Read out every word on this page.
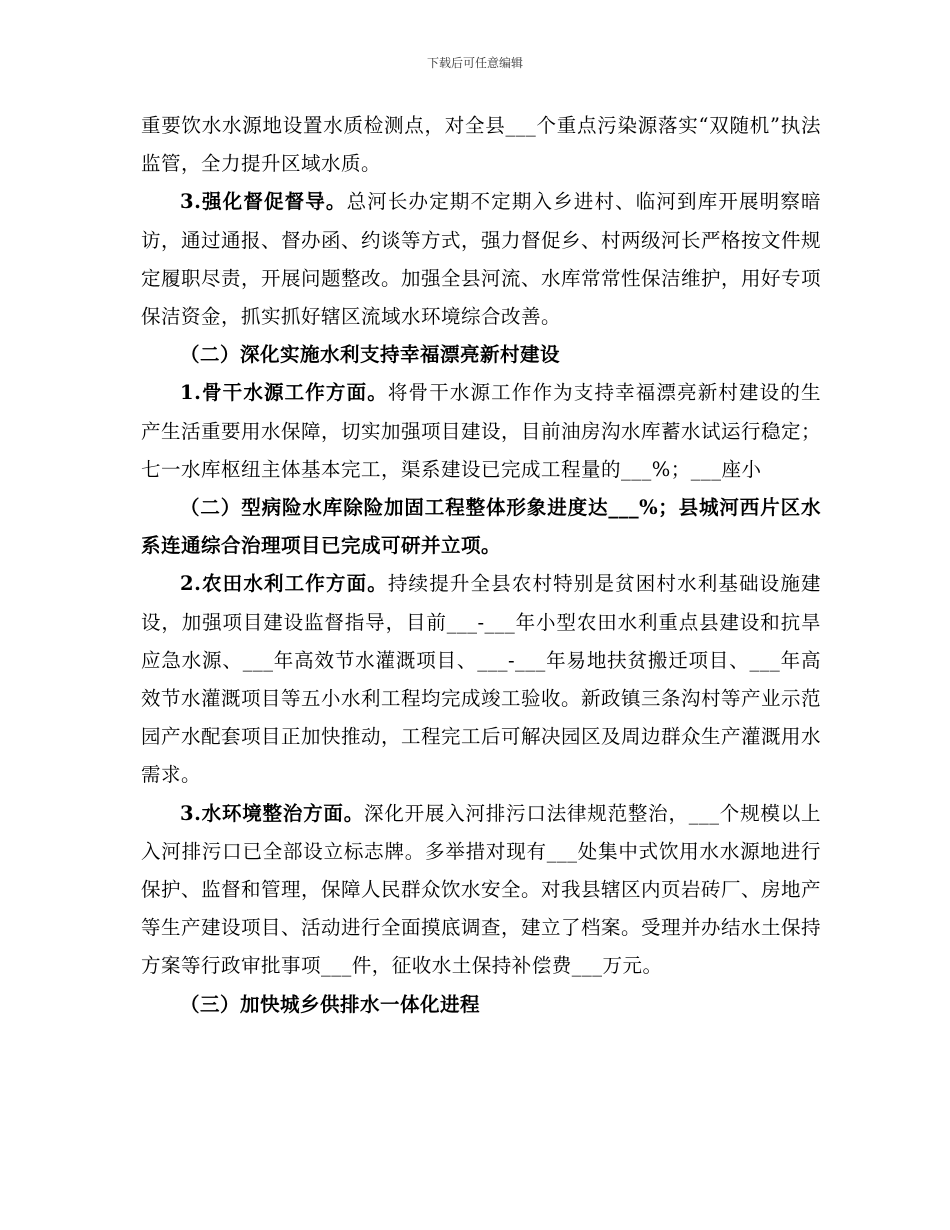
下载后可任意编辑

重要饮水水源地设置水质检测点，对全县___个重点污染源落实“双随机”执法监管，全力提升区域水质。

3.强化督促督导。总河长办定期不定期入乡进村、临河到库开展明察暗访，通过通报、督办函、约谈等方式，强力督促乡、村两级河长严格按文件规定履职尽责，开展问题整改。加强全县河流、水库常常性保洁维护，用好专项保洁资金，抓实抓好辖区流域水环境综合改善。

（二）深化实施水利支持幸福漂亮新村建设

1.骨干水源工作方面。将骨干水源工作作为支持幸福漂亮新村建设的生产生活重要用水保障，切实加强项目建设，目前油房沟水库蓄水试运行稳定；七一水库枢纽主体基本完工，渠系建设已完成工程量的___%；___座小

（二）型病险水库除险加固工程整体形象进度达___%；县城河西片区水系连通综合治理项目已完成可研并立项。

2.农田水利工作方面。持续提升全县农村特别是贫困村水利基础设施建设，加强项目建设监督指导，目前___-___年小型农田水利重点县建设和抗旱应急水源、___年高效节水灌溉项目、___-___年易地扶贫搬迁项目、___年高效节水灌溉项目等五小水利工程均完成竣工验收。新政镇三条沟村等产业示范园产水配套项目正加快推动，工程完工后可解决园区及周边群众生产灌溉用水需求。

3.水环境整治方面。深化开展入河排污口法律规范整治，___个规模以上入河排污口已全部设立标志牌。多举措对现有___处集中式饮用水水源地进行保护、监督和管理，保障人民群众饮水安全。对我县辖区内页岩砖厂、房地产等生产建设项目、活动进行全面摸底调查，建立了档案。受理并办结水土保持方案等行政审批事项___件，征收水土保持补偿费___万元。

（三）加快城乡供排水一体化进程
